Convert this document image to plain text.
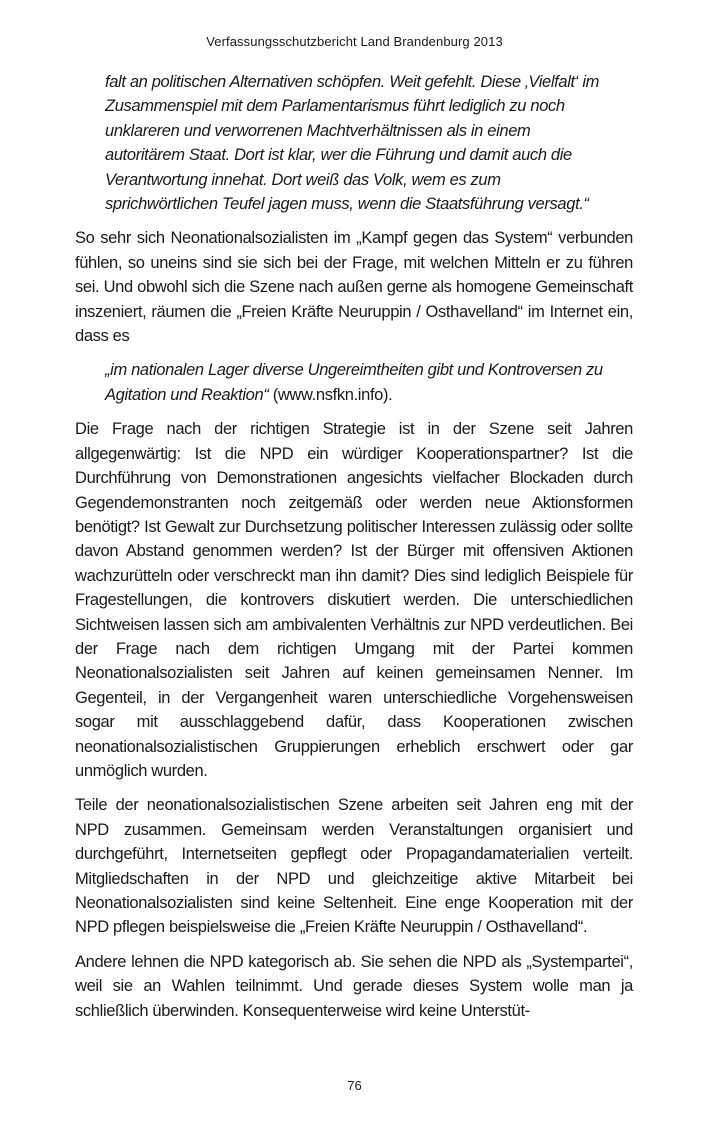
Verfassungsschutzbericht Land Brandenburg 2013

falt an politischen Alternativen schöpfen. Weit gefehlt. Diese ‚Vielfalt‘ im Zusammenspiel mit dem Parlamentarismus führt lediglich zu noch unklareren und verworrenen Machtverhältnissen als in einem autoritärem Staat. Dort ist klar, wer die Führung und damit auch die Verantwortung innehat. Dort weiß das Volk, wem es zum sprichwörtlichen Teufel jagen muss, wenn die Staatsführung versagt.“

So sehr sich Neonationalsozialisten im „Kampf gegen das System“ verbunden fühlen, so uneins sind sie sich bei der Frage, mit welchen Mitteln er zu führen sei. Und obwohl sich die Szene nach außen gerne als homogene Gemeinschaft inszeniert, räumen die „Freien Kräfte Neuruppin / Osthavelland“ im Internet ein, dass es

„im nationalen Lager diverse Ungereimtheiten gibt und Kontroversen zu Agitation und Reaktion“ (www.nsfkn.info).

Die Frage nach der richtigen Strategie ist in der Szene seit Jahren allgegenwärtig: Ist die NPD ein würdiger Kooperationspartner? Ist die Durchführung von Demonstrationen angesichts vielfacher Blockaden durch Gegendemonstranten noch zeitgemäß oder werden neue Aktionsformen benötigt? Ist Gewalt zur Durchsetzung politischer Interessen zulässig oder sollte davon Abstand genommen werden? Ist der Bürger mit offensiven Aktionen wachzurütteln oder verschreckt man ihn damit? Dies sind lediglich Beispiele für Fragestellungen, die kontrovers diskutiert werden. Die unterschiedlichen Sichtweisen lassen sich am ambivalenten Verhältnis zur NPD verdeutlichen. Bei der Frage nach dem richtigen Umgang mit der Partei kommen Neonationalsozialisten seit Jahren auf keinen gemeinsamen Nenner. Im Gegenteil, in der Vergangenheit waren unterschiedliche Vorgehensweisen sogar mit ausschlaggebend dafür, dass Kooperationen zwischen neonationalsozialistischen Gruppierungen erheblich erschwert oder gar unmöglich wurden.

Teile der neonationalsozialistischen Szene arbeiten seit Jahren eng mit der NPD zusammen. Gemeinsam werden Veranstaltungen organisiert und durchgeführt, Internetseiten gepflegt oder Propagandamaterialien verteilt. Mitgliedschaften in der NPD und gleichzeitige aktive Mitarbeit bei Neonationalsozialisten sind keine Seltenheit. Eine enge Kooperation mit der NPD pflegen beispielsweise die „Freien Kräfte Neuruppin / Osthavelland“.

Andere lehnen die NPD kategorisch ab. Sie sehen die NPD als „Systempartei“, weil sie an Wahlen teilnimmt. Und gerade dieses System wolle man ja schließlich überwinden. Konsequenterweise wird keine Unterstüt-

76
